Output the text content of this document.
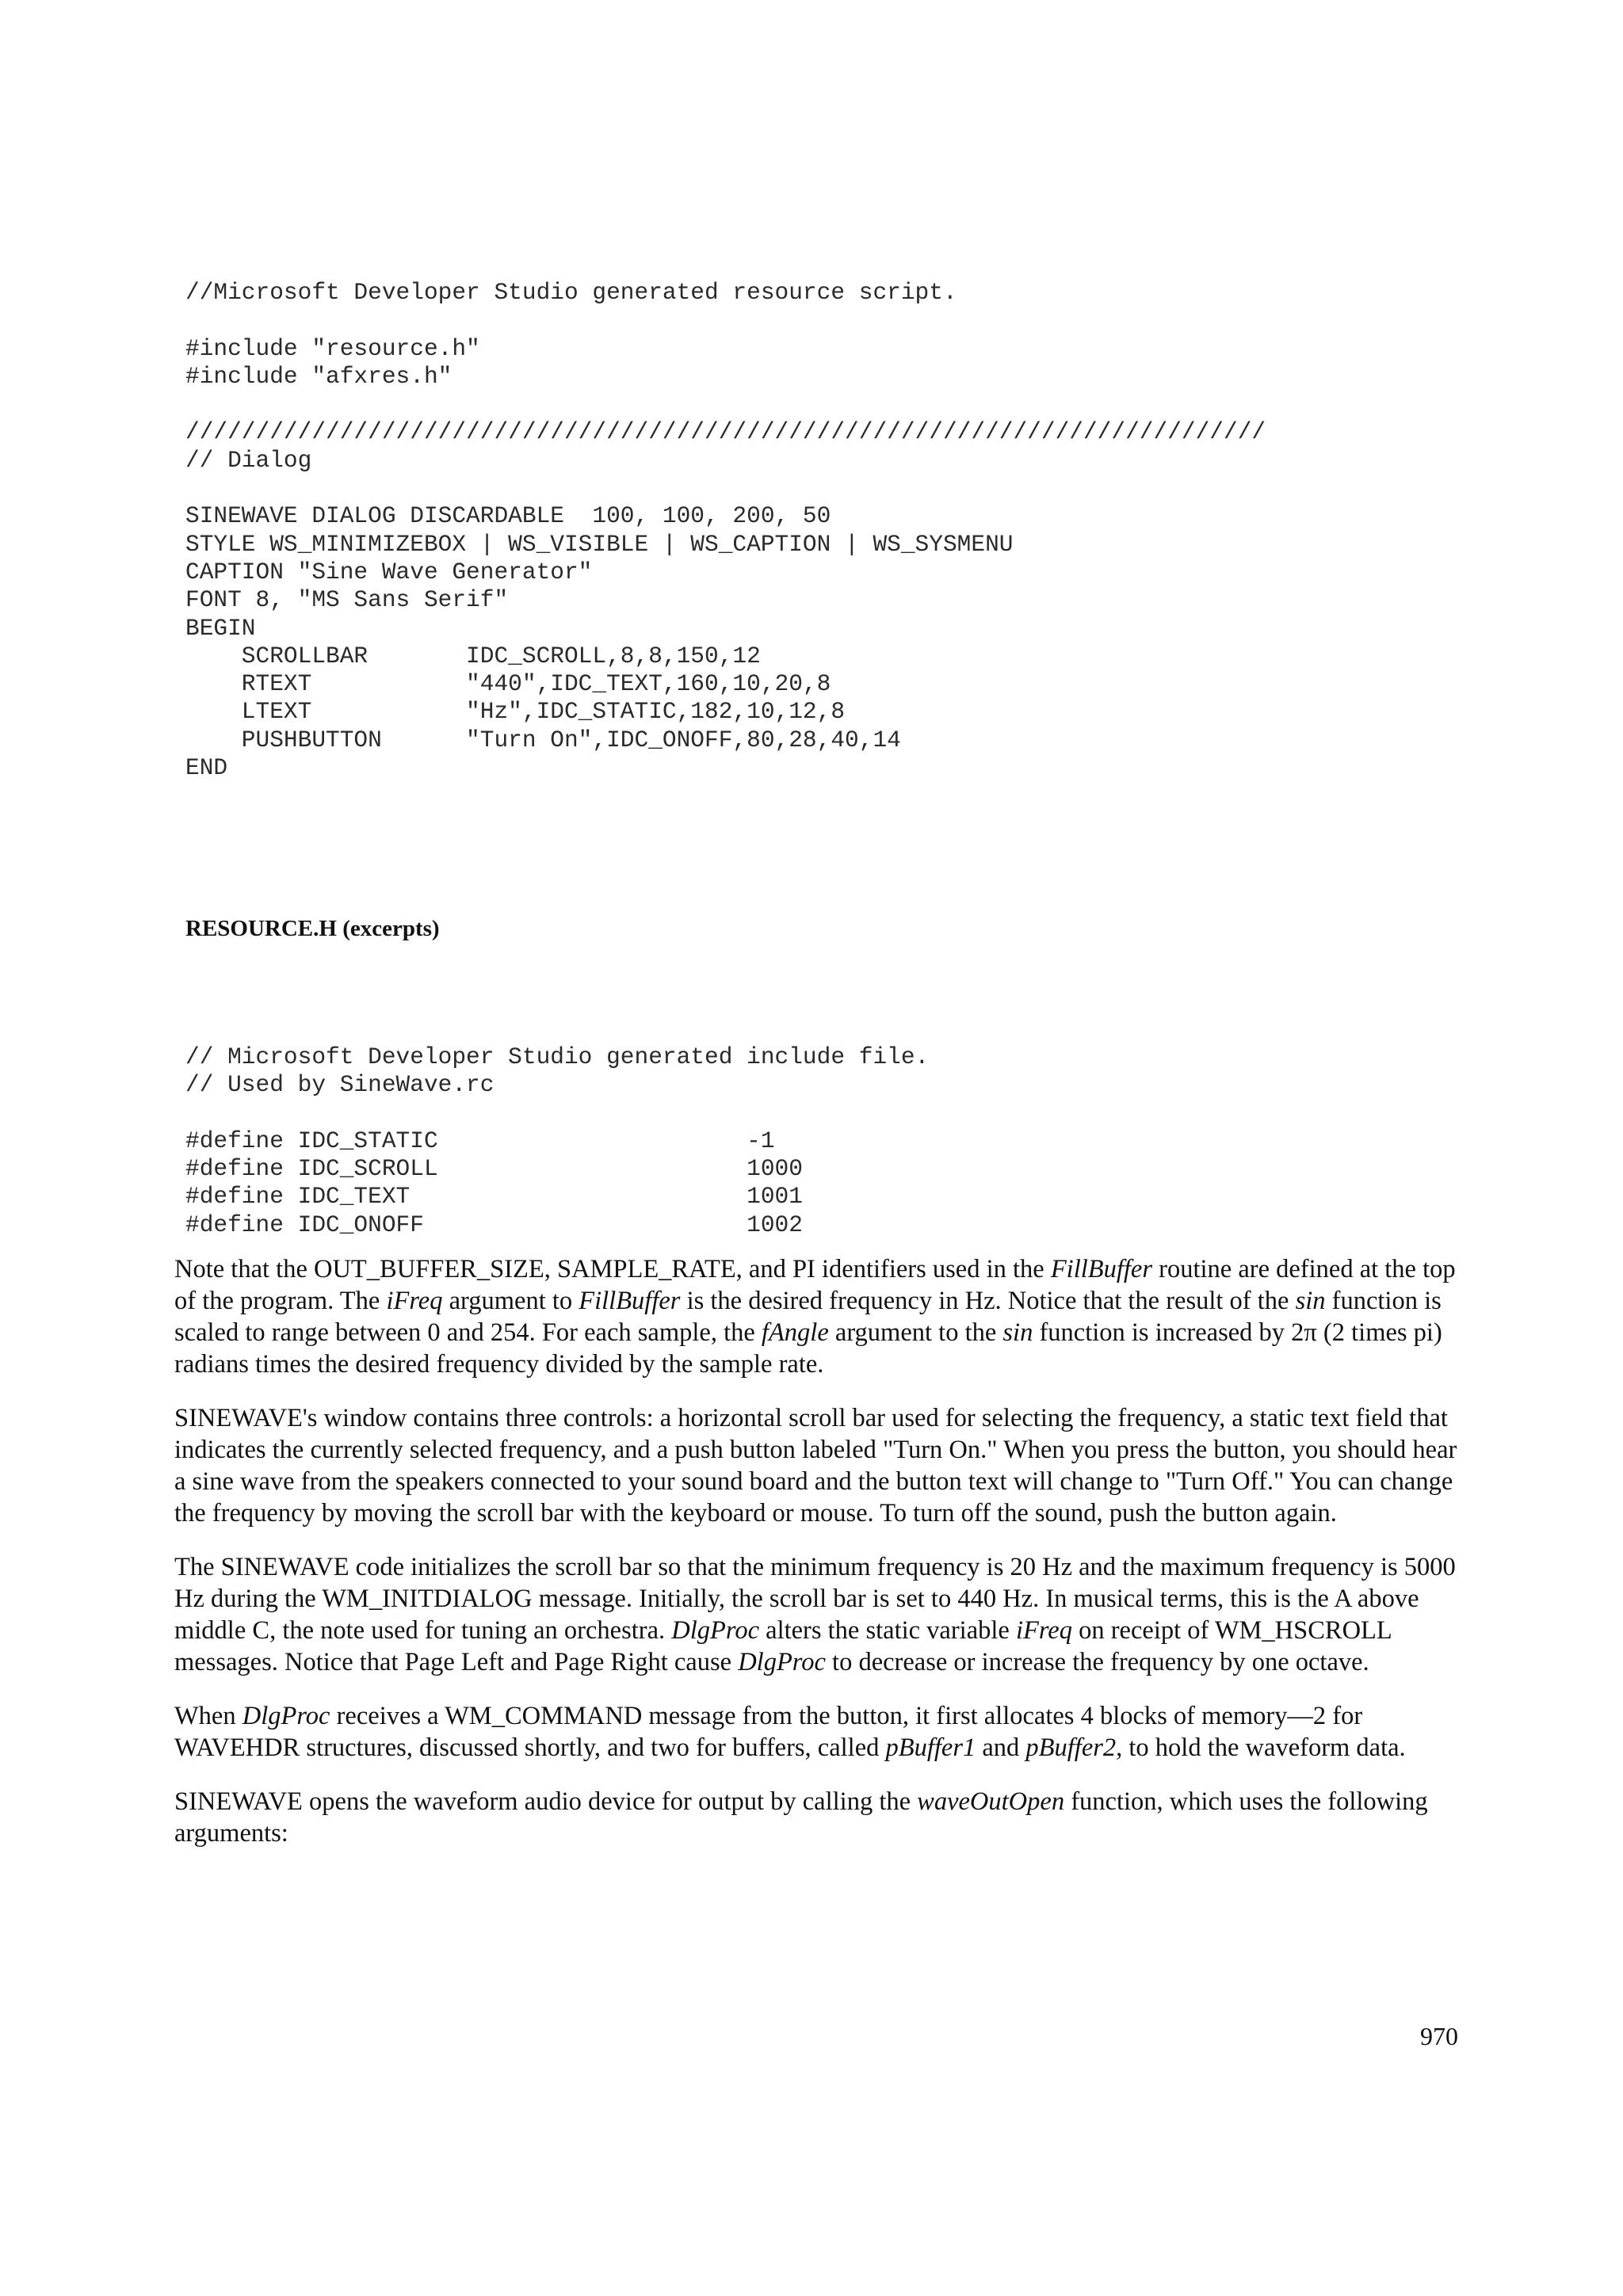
//Microsoft Developer Studio generated resource script.
#include "resource.h"
#include "afxres.h"
/////////////////////////////////////////////////////////////////////////////
// Dialog
SINEWAVE DIALOG DISCARDABLE  100, 100, 200, 50
STYLE WS_MINIMIZEBOX | WS_VISIBLE | WS_CAPTION | WS_SYSMENU
CAPTION "Sine Wave Generator"
FONT 8, "MS Sans Serif"
BEGIN
SCROLLBAR       IDC_SCROLL,8,8,150,12
RTEXT           "440",IDC_TEXT,160,10,20,8
LTEXT           "Hz",IDC_STATIC,182,10,12,8
PUSHBUTTON      "Turn On",IDC_ONOFF,80,28,40,14
END
RESOURCE.H (excerpts)
// Microsoft Developer Studio generated include file.
// Used by SineWave.rc
#define IDC_STATIC                      -1
#define IDC_SCROLL                      1000
#define IDC_TEXT                        1001
#define IDC_ONOFF                       1002

Note that the OUT_BUFFER_SIZE, SAMPLE_RATE, and PI identifiers used in the FillBuffer routine are defined at the top of the program. The iFreq argument to FillBuffer is the desired frequency in Hz. Notice that the result of the sin function is scaled to range between 0 and 254. For each sample, the fAngle argument to the sin function is increased by 2π (2 times pi) radians times the desired frequency divided by the sample rate.

SINEWAVE's window contains three controls: a horizontal scroll bar used for selecting the frequency, a static text field that indicates the currently selected frequency, and a push button labeled "Turn On." When you press the button, you should hear a sine wave from the speakers connected to your sound board and the button text will change to "Turn Off." You can change the frequency by moving the scroll bar with the keyboard or mouse. To turn off the sound, push the button again.

The SINEWAVE code initializes the scroll bar so that the minimum frequency is 20 Hz and the maximum frequency is 5000 Hz during the WM_INITDIALOG message. Initially, the scroll bar is set to 440 Hz. In musical terms, this is the A above middle C, the note used for tuning an orchestra. DlgProc alters the static variable iFreq on receipt of WM_HSCROLL messages. Notice that Page Left and Page Right cause DlgProc to decrease or increase the frequency by one octave.

When DlgProc receives a WM_COMMAND message from the button, it first allocates 4 blocks of memory—2 for WAVEHDR structures, discussed shortly, and two for buffers, called pBuffer1 and pBuffer2, to hold the waveform data.

SINEWAVE opens the waveform audio device for output by calling the waveOutOpen function, which uses the following arguments:

970
